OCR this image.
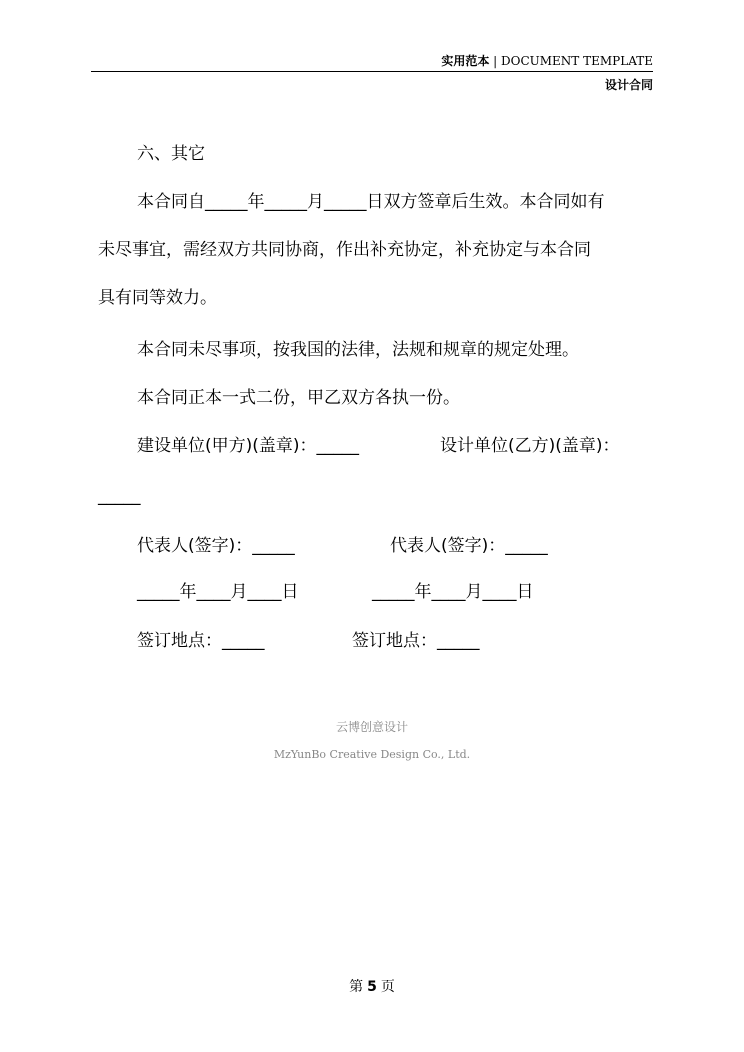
实用范本 | DOCUMENT TEMPLATE
设计合同
六、其它
本合同自_____年_____月_____日双方签章后生效。本合同如有
未尽事宜，需经双方共同协商，作出补充协定，补充协定与本合同
具有同等效力。
本合同未尽事项，按我国的法律，法规和规章的规定处理。
本合同正本一式二份，甲乙双方各执一份。
建设单位(甲方)(盖章)：_____	设计单位(乙方)(盖章)：
_____
代表人(签字)：_____	代表人(签字)：_____
_____年____月____日	_____年____月____日
签订地点：_____	签订地点：_____
云博创意设计
MzYunBo Creative Design Co., Ltd.
第 5 页
